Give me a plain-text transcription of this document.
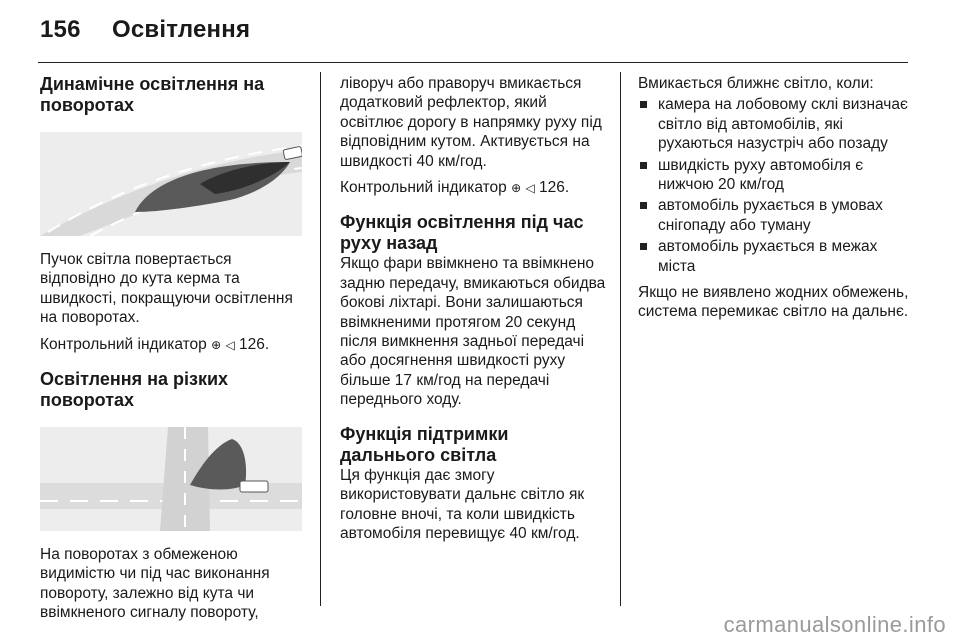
156 Освітлення
Динамічне освітлення на поворотах

Пучок світла повертається відповідно до кута керма та швидкості, покращуючи освітлення на поворотах.

Контрольний індикатор ⊕ ◁ 126.

Освітлення на різких поворотах

На поворотах з обмеженою видимістю чи під час виконання повороту, залежно від кута чи ввімкненого сигналу повороту,

ліворуч або праворуч вмикається додатковий рефлектор, який освітлює дорогу в напрямку руху під відповідним кутом. Активується на швидкості 40 км/год.

Контрольний індикатор ⊕ ◁ 126.

Функція освітлення під час руху назад

Якщо фари ввімкнено та ввімкнено задню передачу, вмикаються обидва бокові ліхтарі. Вони залишаються ввімкненими протягом 20 секунд після вимкнення задньої передачі або досягнення швидкості руху більше 17 км/год на передачі переднього ходу.

Функція підтримки дальнього світла

Ця функція дає змогу використовувати дальнє світло як головне вночі, та коли швидкість автомобіля перевищує 40 км/год.

Вмикається ближнє світло, коли:

камера на лобовому склі визначає світло від автомобілів, які рухаються назустріч або позаду
швидкість руху автомобіля є нижчою 20 км/год
автомобіль рухається в умовах снігопаду або туману
автомобіль рухається в межах міста

Якщо не виявлено жодних обмежень, система перемикає світло на дальнє.

carmanualsonline.info
